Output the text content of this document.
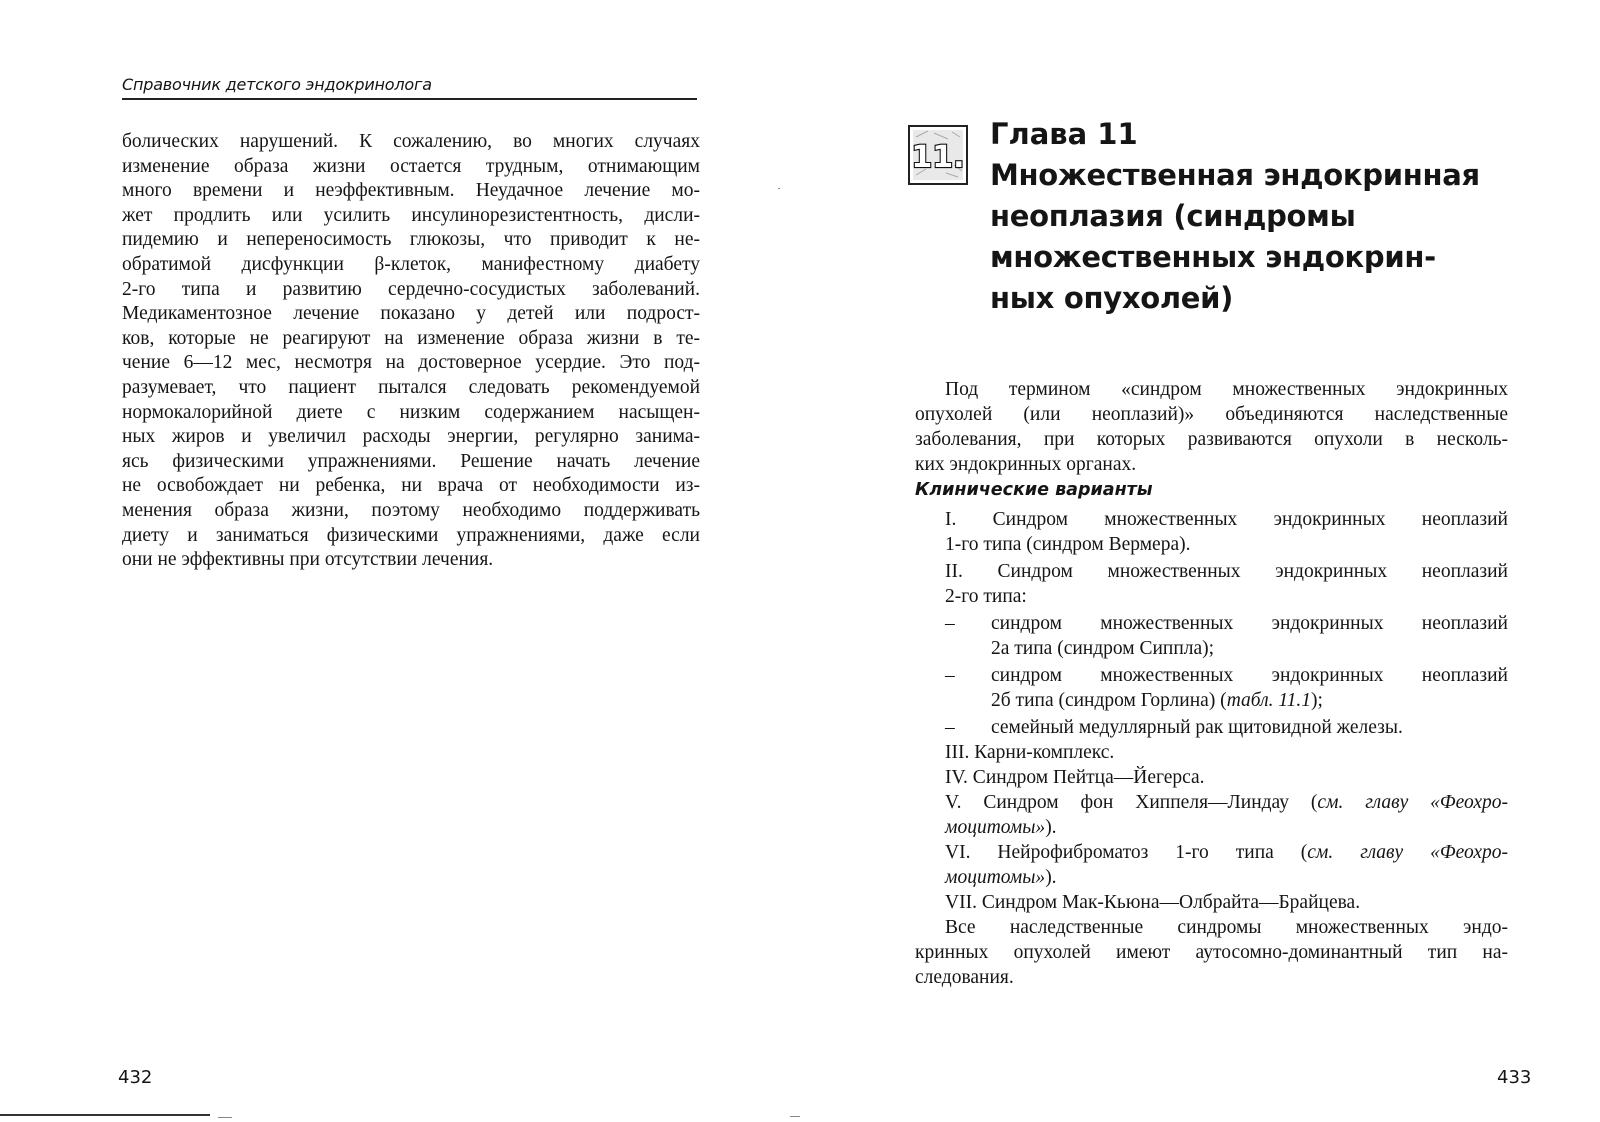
Справочник детского эндокринолога
болических нарушений. К сожалению, во многих случаях
изменение образа жизни остается трудным, отнимающим
много времени и неэффективным. Неудачное лечение мо-
жет продлить или усилить инсулинорезистентность, дисли-
пидемию и непереносимость глюкозы, что приводит к не-
обратимой дисфункции β-клеток, манифестному диабету
2-го типа и развитию сердечно-сосудистых заболеваний.
Медикаментозное лечение показано у детей или подрост-
ков, которые не реагируют на изменение образа жизни в те-
чение 6—12 мес, несмотря на достоверное усердие. Это под-
разумевает, что пациент пытался следовать рекомендуемой
нормокалорийной диете с низким содержанием насыщен-
ных жиров и увеличил расходы энергии, регулярно занима-
ясь физическими упражнениями. Решение начать лечение
не освобождает ни ребенка, ни врача от необходимости из-
менения образа жизни, поэтому необходимо поддерживать
диету и заниматься физическими упражнениями, даже если
они не эффективны при отсутствии лечения.
432
11.
Глава 11
Множественная эндокринная
неоплазия (синдромы
множественных эндокрин-
ных опухолей)
Под термином «синдром множественных эндокринных
опухолей (или неоплазий)» объединяются наследственные
заболевания, при которых развиваются опухоли в несколь-
ких эндокринных органах.
Клинические варианты
I. Синдром множественных эндокринных неоплазий
1-го типа (синдром Вермера).
II. Синдром множественных эндокринных неоплазий
2-го типа:
– синдром множественных эндокринных неоплазий
2а типа (синдром Сиппла);
– синдром множественных эндокринных неоплазий
2б типа (синдром Горлина) (табл. 11.1);
– семейный медуллярный рак щитовидной железы.
III. Карни-комплекс.
IV. Синдром Пейтца—Йегерса.
V. Синдром фон Хиппеля—Линдау (см. главу «Феохро-
моцитомы»).
VI. Нейрофиброматоз 1-го типа (см. главу «Феохро-
моцитомы»).
VII. Синдром Мак-Кьюна—Олбрайта—Брайцева.
Все наследственные синдромы множественных эндо-
кринных опухолей имеют аутосомно-доминантный тип на-
следования.
433
